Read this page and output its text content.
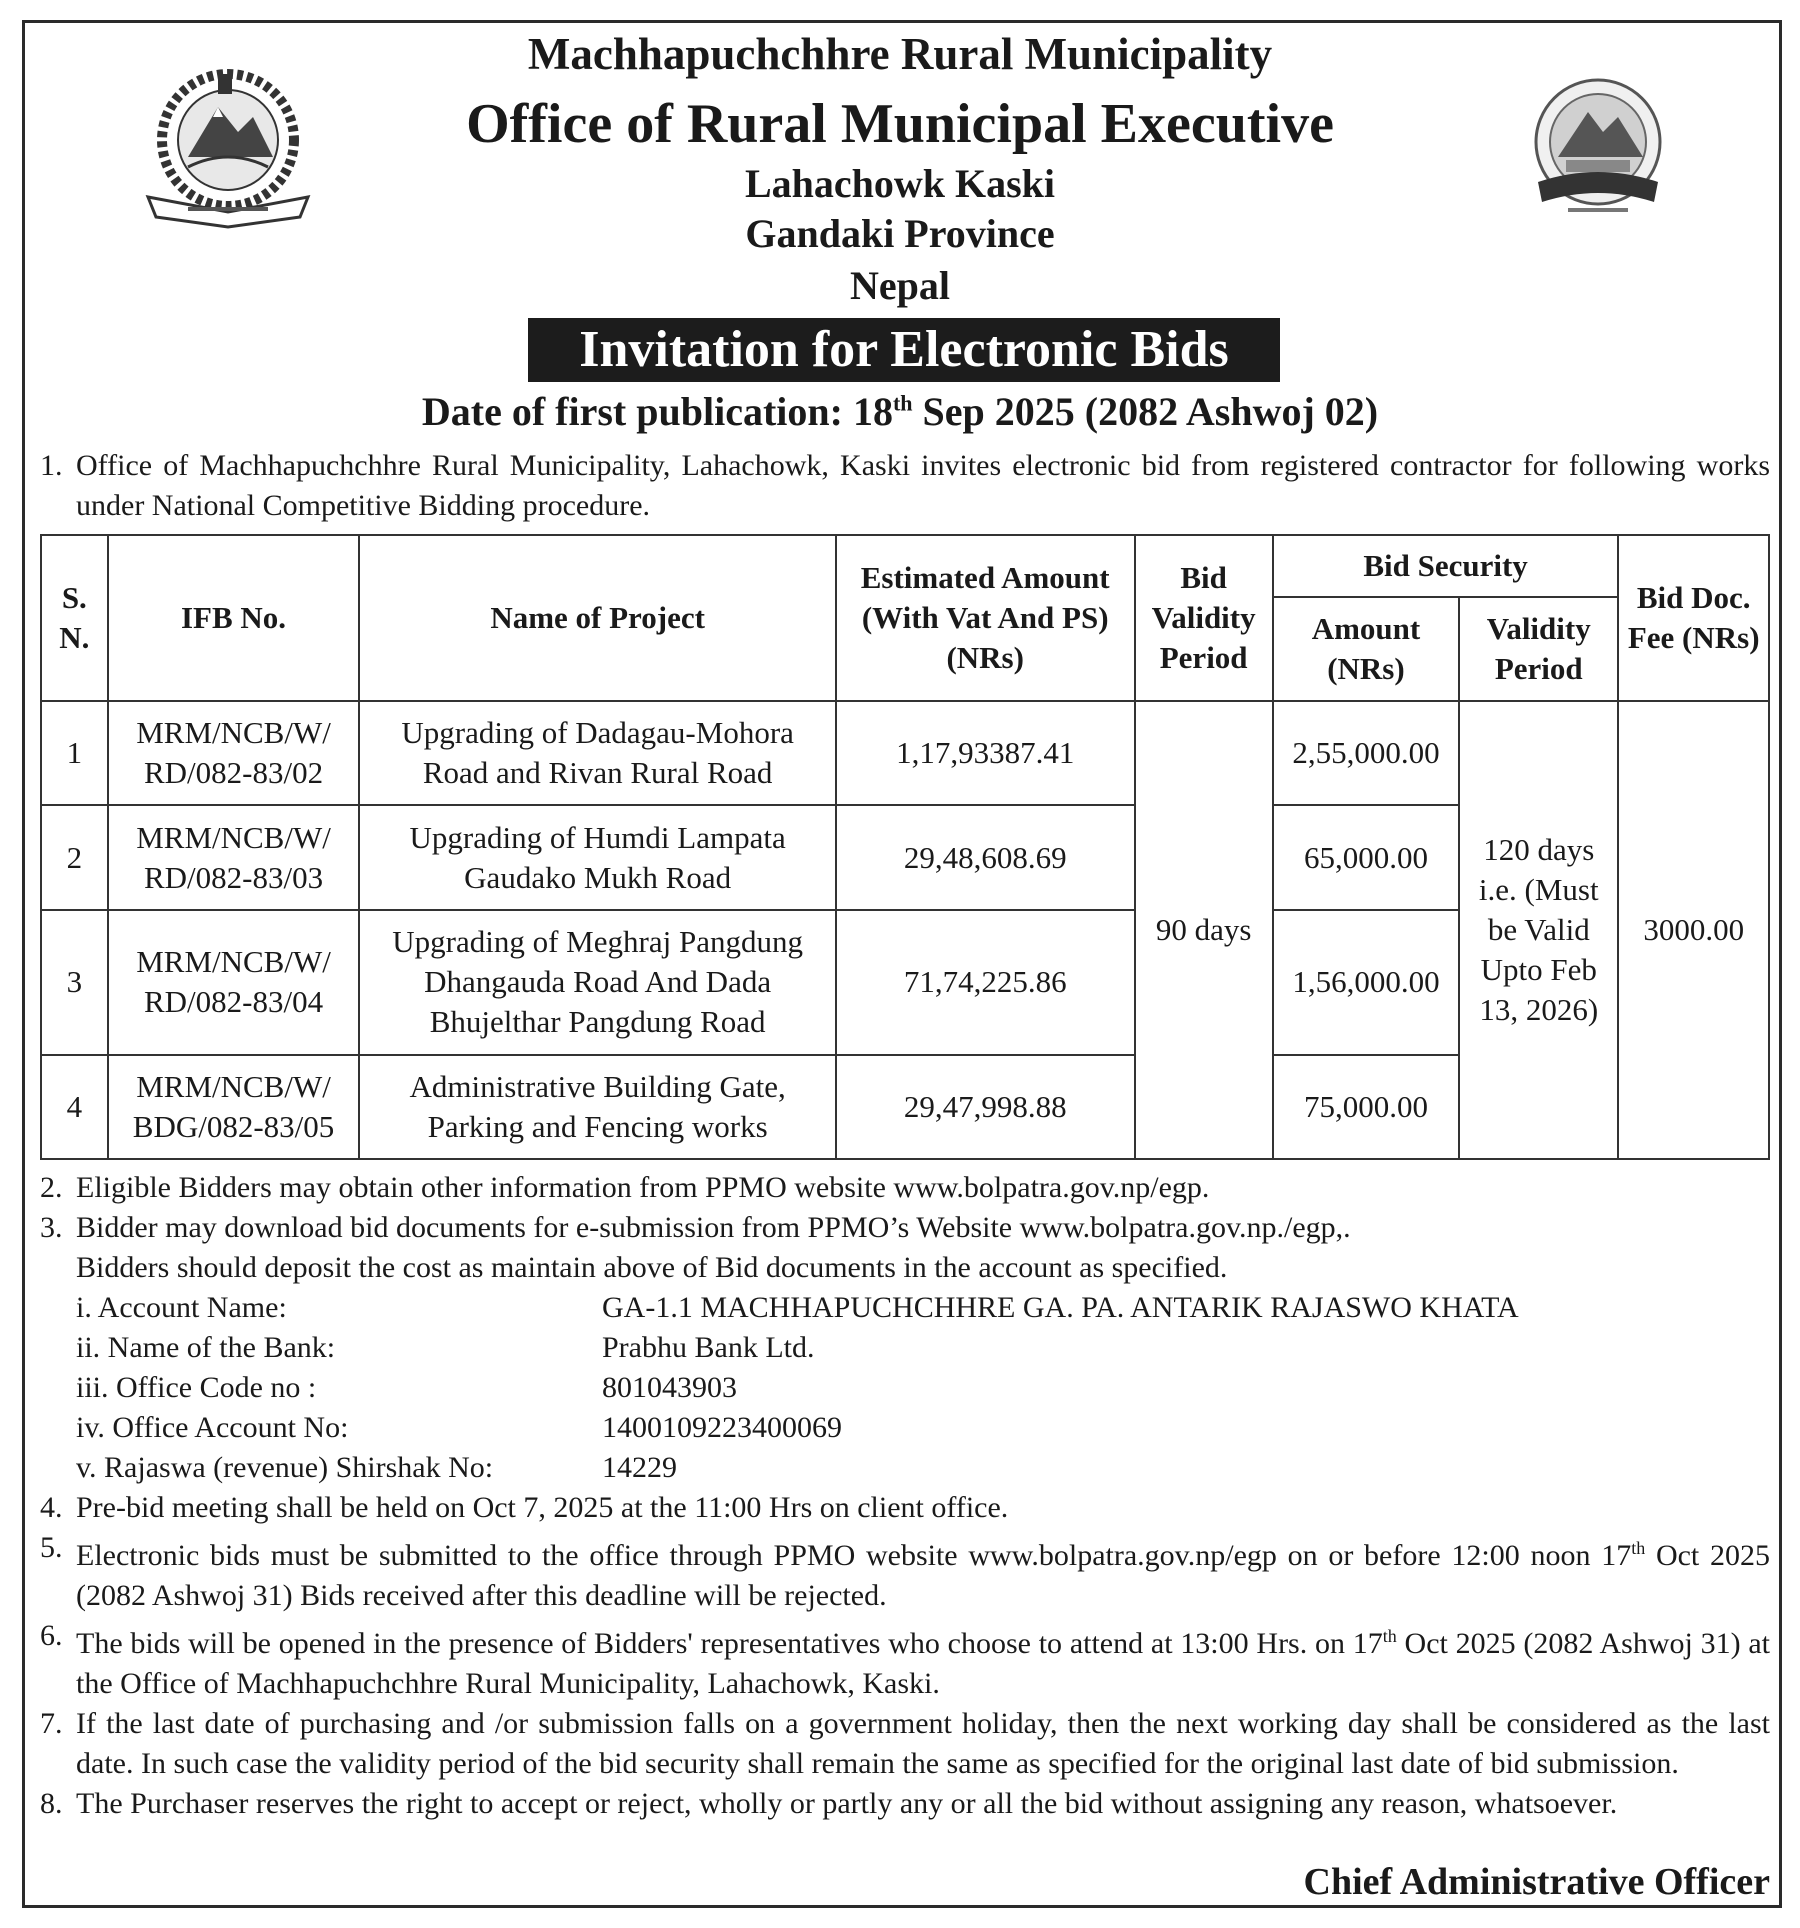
Machhapuchchhre Rural Municipality
Office of Rural Municipal Executive
Lahachowk Kaski
Gandaki Province
Nepal
Invitation for Electronic Bids
Date of first publication: 18th Sep 2025 (2082 Ashwoj 02)
1. Office of Machhapuchchhre Rural Municipality, Lahachowk, Kaski invites electronic bid from registered contractor for following works under National Competitive Bidding procedure.
S. N.	IFB No.	Name of Project	Estimated Amount (With Vat And PS) (NRs)	Bid Validity Period	Bid Security		Bid Doc. Fee (NRs)
					Amount (NRs)	Validity Period	
1	MRM/NCB/W/ RD/082-83/02	Upgrading of Dadagau-Mohora Road and Rivan Rural Road	1,17,93387.41	90 days	2,55,000.00	120 days i.e. (Must be Valid Upto Feb 13, 2026)	3000.00
2	MRM/NCB/W/ RD/082-83/03	Upgrading of Humdi Lampata Gaudako Mukh Road	29,48,608.69		65,000.00		
3	MRM/NCB/W/ RD/082-83/04	Upgrading of Meghraj Pangdung Dhangauda Road And Dada Bhujelthar Pangdung Road	71,74,225.86		1,56,000.00		
4	MRM/NCB/W/ BDG/082-83/05	Administrative Building Gate, Parking and Fencing works	29,47,998.88		75,000.00		
2. Eligible Bidders may obtain other information from PPMO website www.bolpatra.gov.np/egp.
3. Bidder may download bid documents for e-submission from PPMO’s Website www.bolpatra.gov.np./egp,.
Bidders should deposit the cost as maintain above of Bid documents in the account as specified.
i. Account Name:	GA-1.1 MACHHAPUCHCHHRE GA. PA. ANTARIK RAJASWO KHATA
ii. Name of the Bank:	Prabhu Bank Ltd.
iii. Office Code no :	801043903
iv. Office Account No:	1400109223400069
v. Rajaswa (revenue) Shirshak No:	14229
4. Pre-bid meeting shall be held on Oct 7, 2025 at the 11:00 Hrs on client office.
5. Electronic bids must be submitted to the office through PPMO website www.bolpatra.gov.np/egp on or before 12:00 noon 17th Oct 2025 (2082 Ashwoj 31) Bids received after this deadline will be rejected.
6. The bids will be opened in the presence of Bidders' representatives who choose to attend at 13:00 Hrs. on 17th Oct 2025 (2082 Ashwoj 31) at the Office of Machhapuchchhre Rural Municipality, Lahachowk, Kaski.
7. If the last date of purchasing and /or submission falls on a government holiday, then the next working day shall be considered as the last date. In such case the validity period of the bid security shall remain the same as specified for the original last date of bid submission.
8. The Purchaser reserves the right to accept or reject, wholly or partly any or all the bid without assigning any reason, whatsoever.
Chief Administrative Officer
